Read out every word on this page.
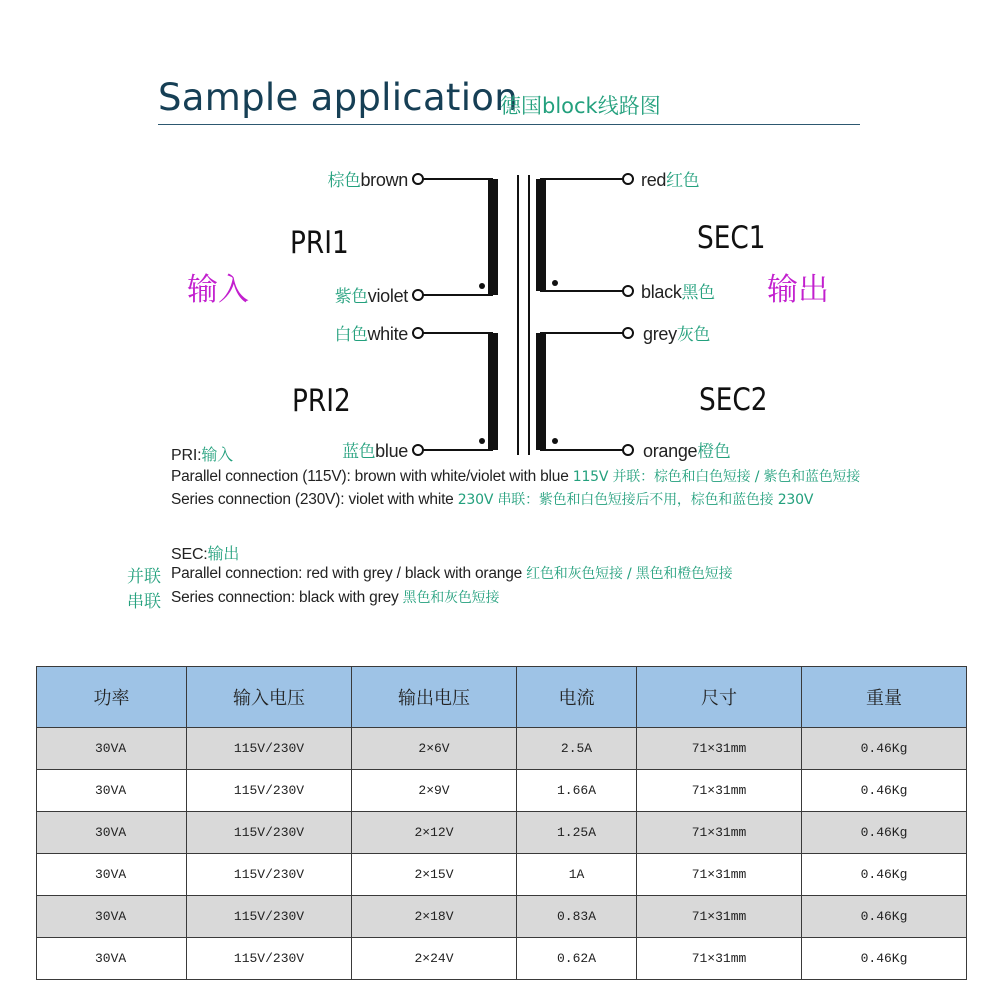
Sample application
德国block线路图
棕色brown
紫色violet
白色white
蓝色blue
red红色
black黑色
grey灰色
orange橙色
PRI1
PRI2
SEC1
SEC2
输入	输出
PRI:输入
Parallel connection (115V): brown with white/violet with blue 115V 并联：棕色和白色短接 / 紫色和蓝色短接
Series connection (230V): violet with white 230V 串联：紫色和白色短接后不用，棕色和蓝色接 230V
SEC:输出
并联 Parallel connection: red with grey / black with orange 红色和灰色短接 / 黑色和橙色短接
串联 Series connection: black with grey 黑色和灰色短接
功率	输入电压	输出电压	电流	尺寸	重量
30VA	115V/230V	2×6V	2.5A	71×31mm	0.46Kg
30VA	115V/230V	2×9V	1.66A	71×31mm	0.46Kg
30VA	115V/230V	2×12V	1.25A	71×31mm	0.46Kg
30VA	115V/230V	2×15V	1A	71×31mm	0.46Kg
30VA	115V/230V	2×18V	0.83A	71×31mm	0.46Kg
30VA	115V/230V	2×24V	0.62A	71×31mm	0.46Kg
